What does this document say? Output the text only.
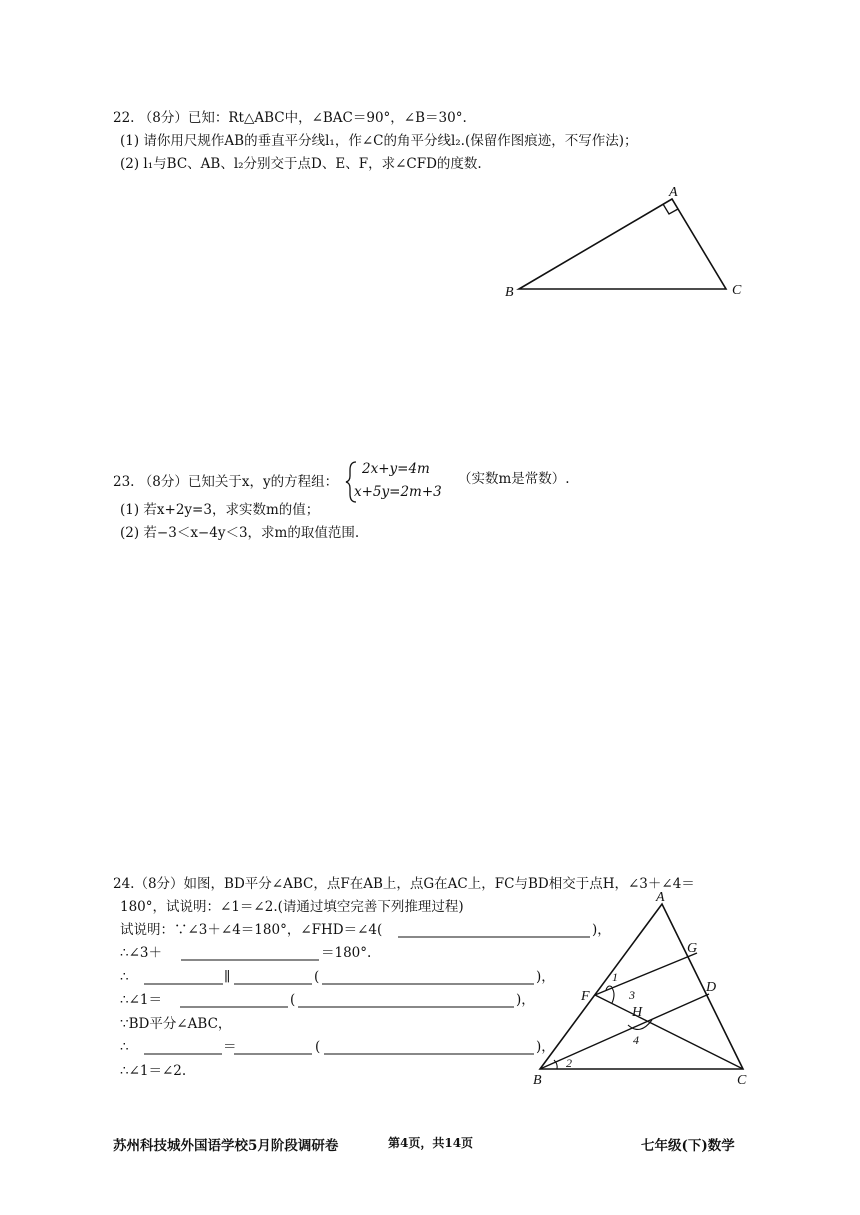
22. （8分）已知：Rt△ABC中，∠BAC＝90°，∠B＝30°.
(1) 请你用尺规作AB的垂直平分线l₁，作∠C的角平分线l₂.(保留作图痕迹，不写作法)；
(2) l₁与BC、AB、l₂分别交于点D、E、F，求∠CFD的度数.
A
B	C
A
G
D
F
H
B	C
1
3
4
2
23. （8分）已知关于x，y的方程组：
2x+y=4m
x+5y=2m+3
（实数m是常数）.
(1) 若x+2y=3，求实数m的值；
(2) 若−3＜x−4y＜3，求m的取值范围.
24.（8分）如图，BD平分∠ABC，点F在AB上，点G在AC上，FC与BD相交于点H，∠3＋∠4＝
180°，试说明：∠1＝∠2.(请通过填空完善下列推理过程)
试说明：∵∠3＋∠4＝180°，∠FHD＝∠4(	)，
∴∠3＋	＝180°.
∴	∥	(	)，
∴∠1＝	(	)，
∵BD平分∠ABC，
∴	＝	(	)，
∴∠1＝∠2.
苏州科技城外国语学校5月阶段调研卷	第4页，共14页	七年级(下)数学
